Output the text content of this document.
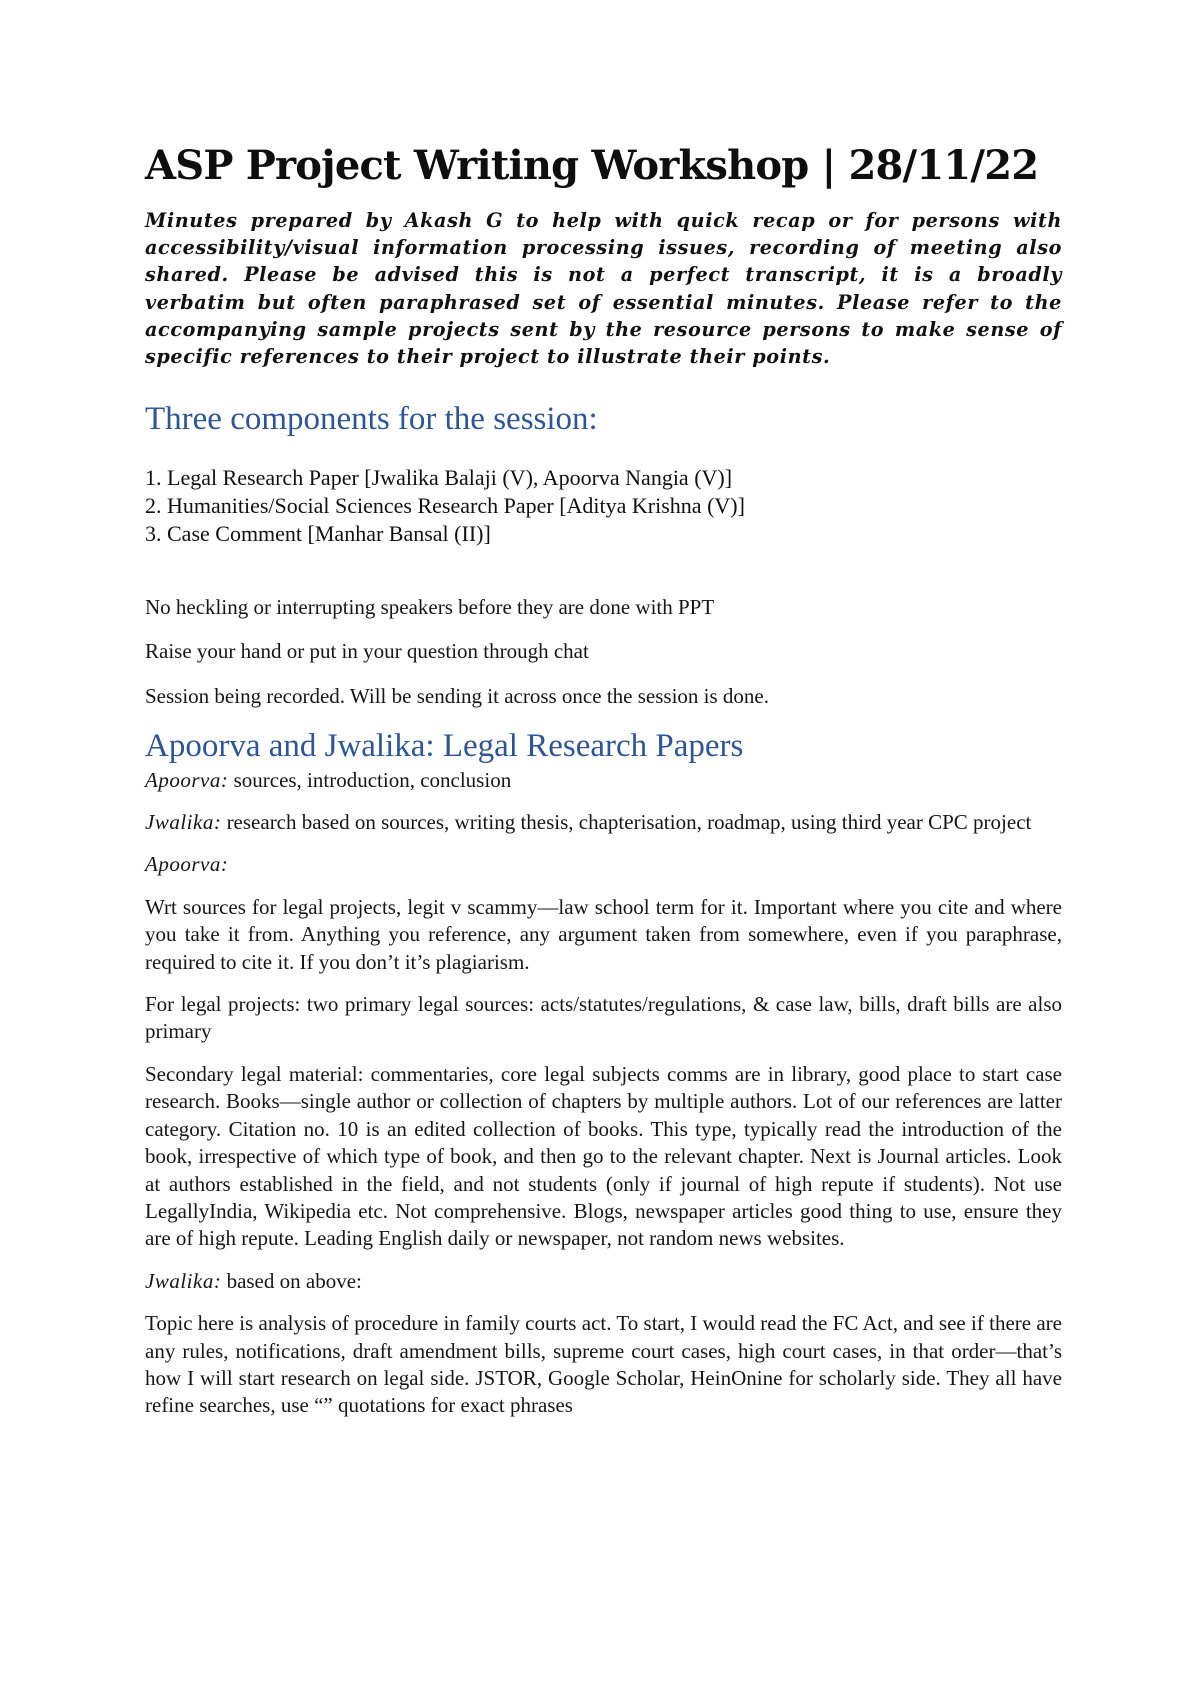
ASP Project Writing Workshop | 28/11/22
Minutes prepared by Akash G to help with quick recap or for persons with accessibility/visual information processing issues, recording of meeting also shared. Please be advised this is not a perfect transcript, it is a broadly verbatim but often paraphrased set of essential minutes. Please refer to the accompanying sample projects sent by the resource persons to make sense of specific references to their project to illustrate their points.
Three components for the session:
1. Legal Research Paper [Jwalika Balaji (V), Apoorva Nangia (V)]
2. Humanities/Social Sciences Research Paper [Aditya Krishna (V)]
3. Case Comment [Manhar Bansal (II)]

No heckling or interrupting speakers before they are done with PPT

Raise your hand or put in your question through chat

Session being recorded. Will be sending it across once the session is done.

Apoorva and Jwalika: Legal Research Papers

Apoorva: sources, introduction, conclusion

Jwalika: research based on sources, writing thesis, chapterisation, roadmap, using third year CPC project

Apoorva:

Wrt sources for legal projects, legit v scammy—law school term for it. Important where you cite and where you take it from. Anything you reference, any argument taken from somewhere, even if you paraphrase, required to cite it. If you don’t it’s plagiarism.

For legal projects: two primary legal sources: acts/statutes/regulations, & case law, bills, draft bills are also primary

Secondary legal material: commentaries, core legal subjects comms are in library, good place to start case research. Books—single author or collection of chapters by multiple authors. Lot of our references are latter category. Citation no. 10 is an edited collection of books. This type, typically read the introduction of the book, irrespective of which type of book, and then go to the relevant chapter. Next is Journal articles. Look at authors established in the field, and not students (only if journal of high repute if students). Not use LegallyIndia, Wikipedia etc. Not comprehensive. Blogs, newspaper articles good thing to use, ensure they are of high repute. Leading English daily or newspaper, not random news websites.

Jwalika: based on above:

Topic here is analysis of procedure in family courts act. To start, I would read the FC Act, and see if there are any rules, notifications, draft amendment bills, supreme court cases, high court cases, in that order—that’s how I will start research on legal side. JSTOR, Google Scholar, HeinOnine for scholarly side. They all have refine searches, use “” quotations for exact phrases
